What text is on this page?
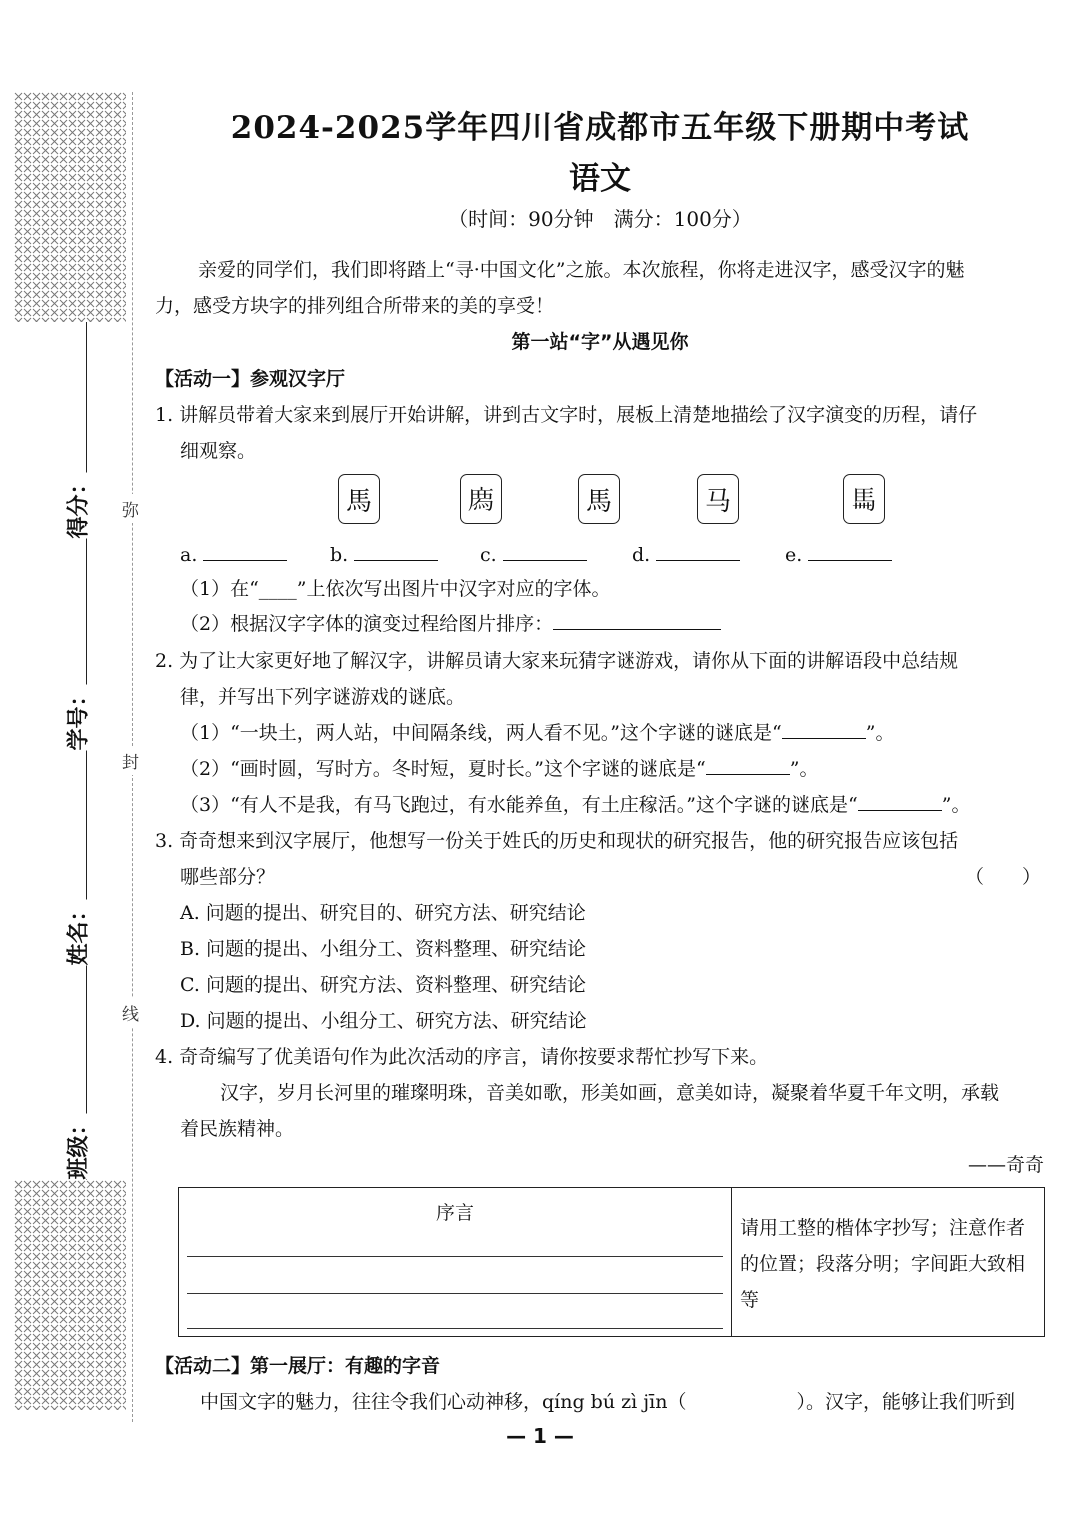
得分：
学号：
姓名：
班级：
弥
封
线
2024-2025学年四川省成都市五年级下册期中考试
语文
（时间：90分钟　满分：100分）
亲爱的同学们，我们即将踏上“寻·中国文化”之旅。本次旅程，你将走进汉字，感受汉字的魅
力，感受方块字的排列组合所带来的美的享受！
第一站“字”从遇见你
【活动一】参观汉字厅
1. 讲解员带着大家来到展厅开始讲解，讲到古文字时，展板上清楚地描绘了汉字演变的历程，请仔
细观察。
馬	𢊁	馬	马	𩡧
a.	b.	c.	d.	e.
（1）在“____”上依次写出图片中汉字对应的字体。
（2）根据汉字字体的演变过程给图片排序：
2. 为了让大家更好地了解汉字，讲解员请大家来玩猜字谜游戏，请你从下面的讲解语段中总结规
律，并写出下列字谜游戏的谜底。
（1）“一块土，两人站，中间隔条线，两人看不见。”这个字谜的谜底是“	”。
（2）“画时圆，写时方。冬时短，夏时长。”这个字谜的谜底是“	”。
（3）“有人不是我，有马飞跑过，有水能养鱼，有土庄稼活。”这个字谜的谜底是“	”。
3. 奇奇想来到汉字展厅，他想写一份关于姓氏的历史和现状的研究报告，他的研究报告应该包括
哪些部分？	（　　）
A. 问题的提出、研究目的、研究方法、研究结论
B. 问题的提出、小组分工、资料整理、研究结论
C. 问题的提出、研究方法、资料整理、研究结论
D. 问题的提出、小组分工、研究方法、研究结论
4. 奇奇编写了优美语句作为此次活动的序言，请你按要求帮忙抄写下来。
汉字，岁月长河里的璀璨明珠，音美如歌，形美如画，意美如诗，凝聚着华夏千年文明，承载
着民族精神。
——奇奇
序言
	请用工整的楷体字抄写；注意作者的位置；段落分明；字间距大致相等
【活动二】第一展厅：有趣的字音
中国文字的魅力，往往令我们心动神移，qíng bú zì jīn（	）。汉字，能够让我们听到
— 1 —
